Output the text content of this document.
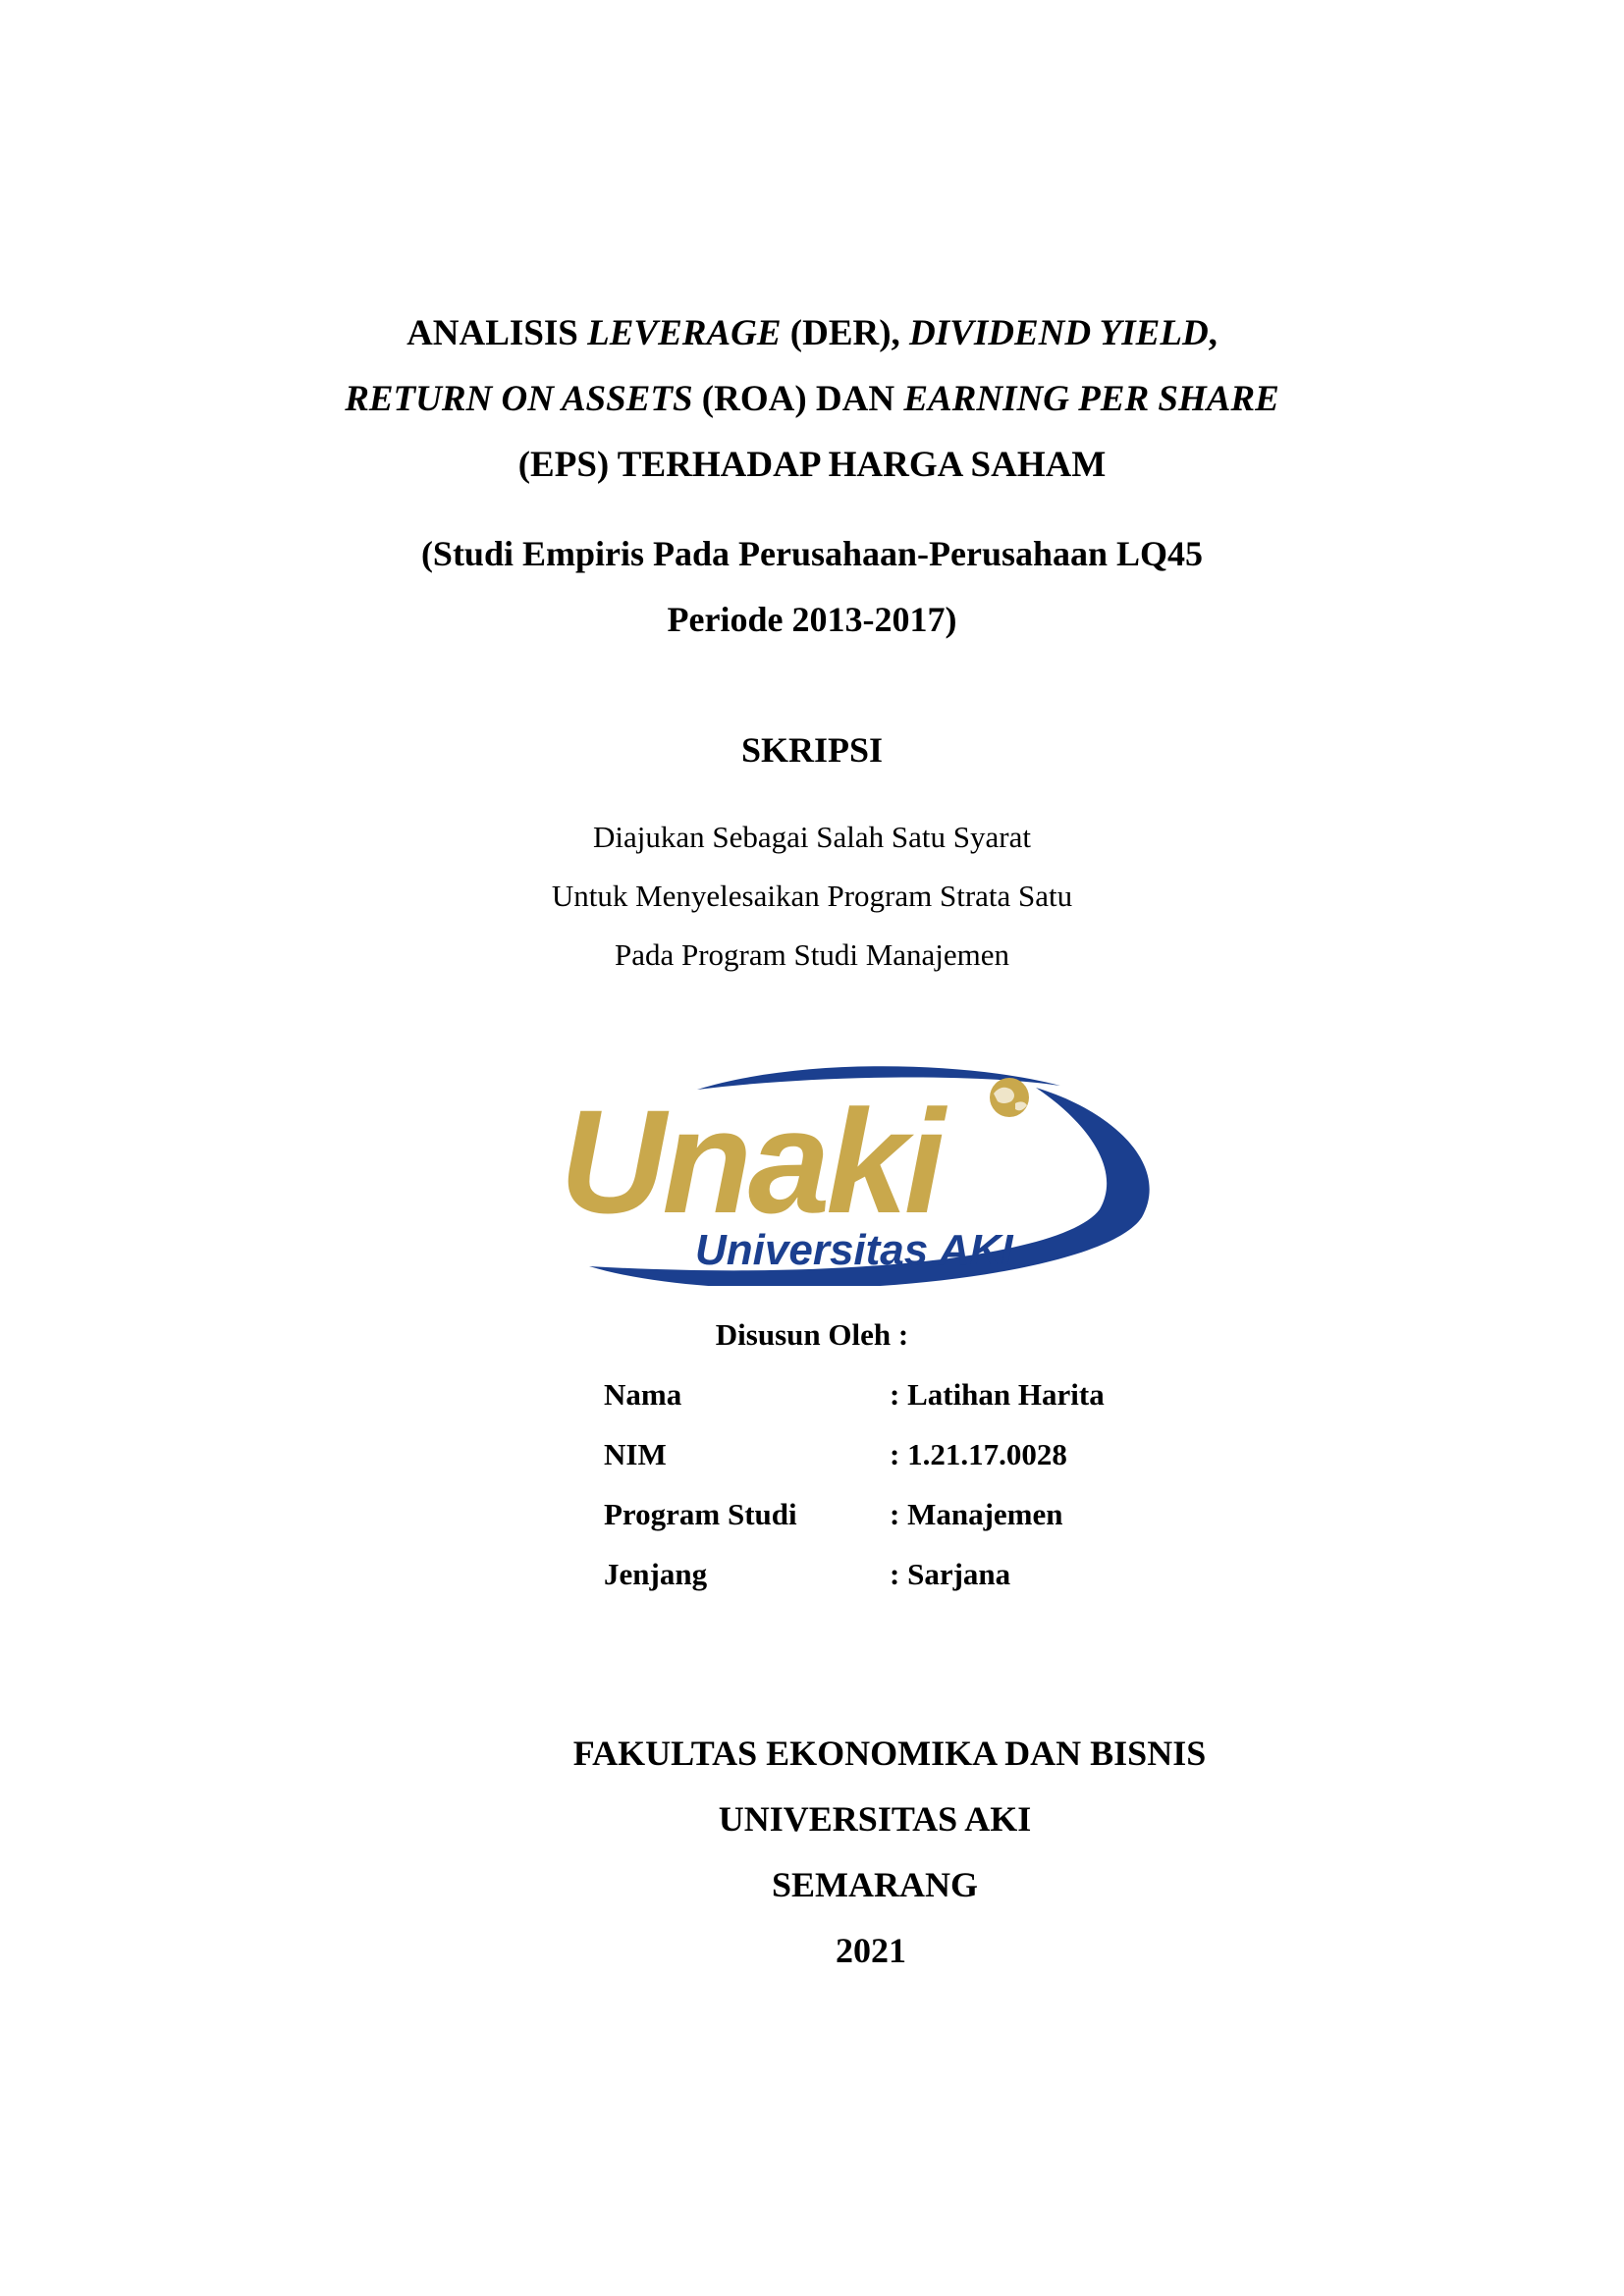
ANALISIS LEVERAGE (DER), DIVIDEND YIELD,
RETURN ON ASSETS (ROA) DAN EARNING PER SHARE
(EPS) TERHADAP HARGA SAHAM
(Studi Empiris Pada Perusahaan-Perusahaan LQ45
Periode 2013-2017)
SKRIPSI
Diajukan Sebagai Salah Satu Syarat
Untuk Menyelesaikan Program Strata Satu
Pada Program Studi Manajemen
Unaki
Universitas AKI
Disusun Oleh :
Nama	: Latihan Harita
NIM	: 1.21.17.0028
Program Studi	: Manajemen
Jenjang	: Sarjana
FAKULTAS EKONOMIKA DAN BISNIS
UNIVERSITAS AKI
SEMARANG
2021
